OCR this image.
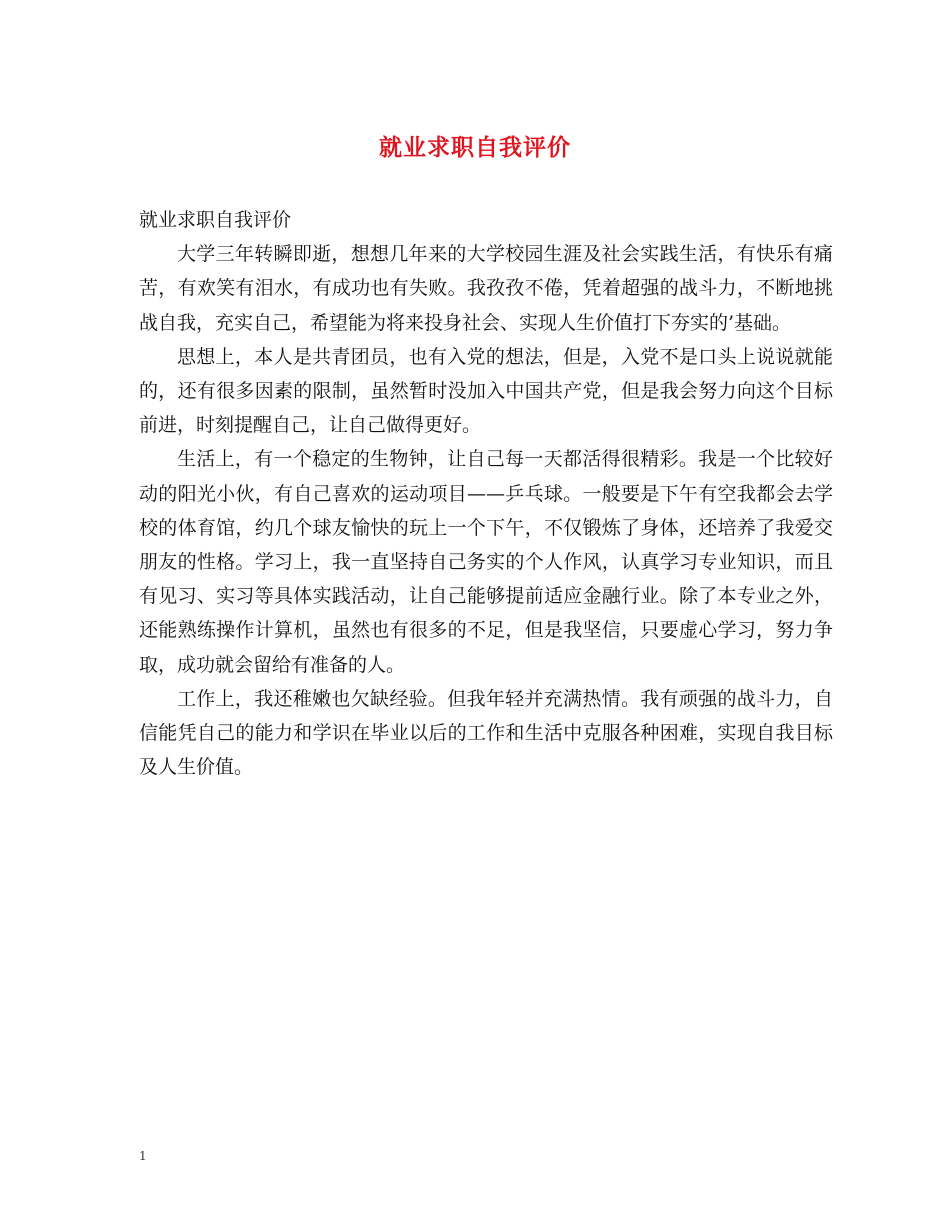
就业求职自我评价

就业求职自我评价

大学三年转瞬即逝，想想几年来的大学校园生涯及社会实践生活，有快乐有痛苦，有欢笑有泪水，有成功也有失败。我孜孜不倦，凭着超强的战斗力，不断地挑战自我，充实自己，希望能为将来投身社会、实现人生价值打下夯实的’基础。

思想上，本人是共青团员，也有入党的想法，但是，入党不是口头上说说就能的，还有很多因素的限制，虽然暂时没加入中国共产党，但是我会努力向这个目标前进，时刻提醒自己，让自己做得更好。

生活上，有一个稳定的生物钟，让自己每一天都活得很精彩。我是一个比较好动的阳光小伙，有自己喜欢的运动项目——乒乓球。一般要是下午有空我都会去学校的体育馆，约几个球友愉快的玩上一个下午，不仅锻炼了身体，还培养了我爱交朋友的性格。学习上，我一直坚持自己务实的个人作风，认真学习专业知识，而且有见习、实习等具体实践活动，让自己能够提前适应金融行业。除了本专业之外，还能熟练操作计算机，虽然也有很多的不足，但是我坚信，只要虚心学习，努力争取，成功就会留给有准备的人。

工作上，我还稚嫩也欠缺经验。但我年轻并充满热情。我有顽强的战斗力，自信能凭自己的能力和学识在毕业以后的工作和生活中克服各种困难，实现自我目标及人生价值。

1
